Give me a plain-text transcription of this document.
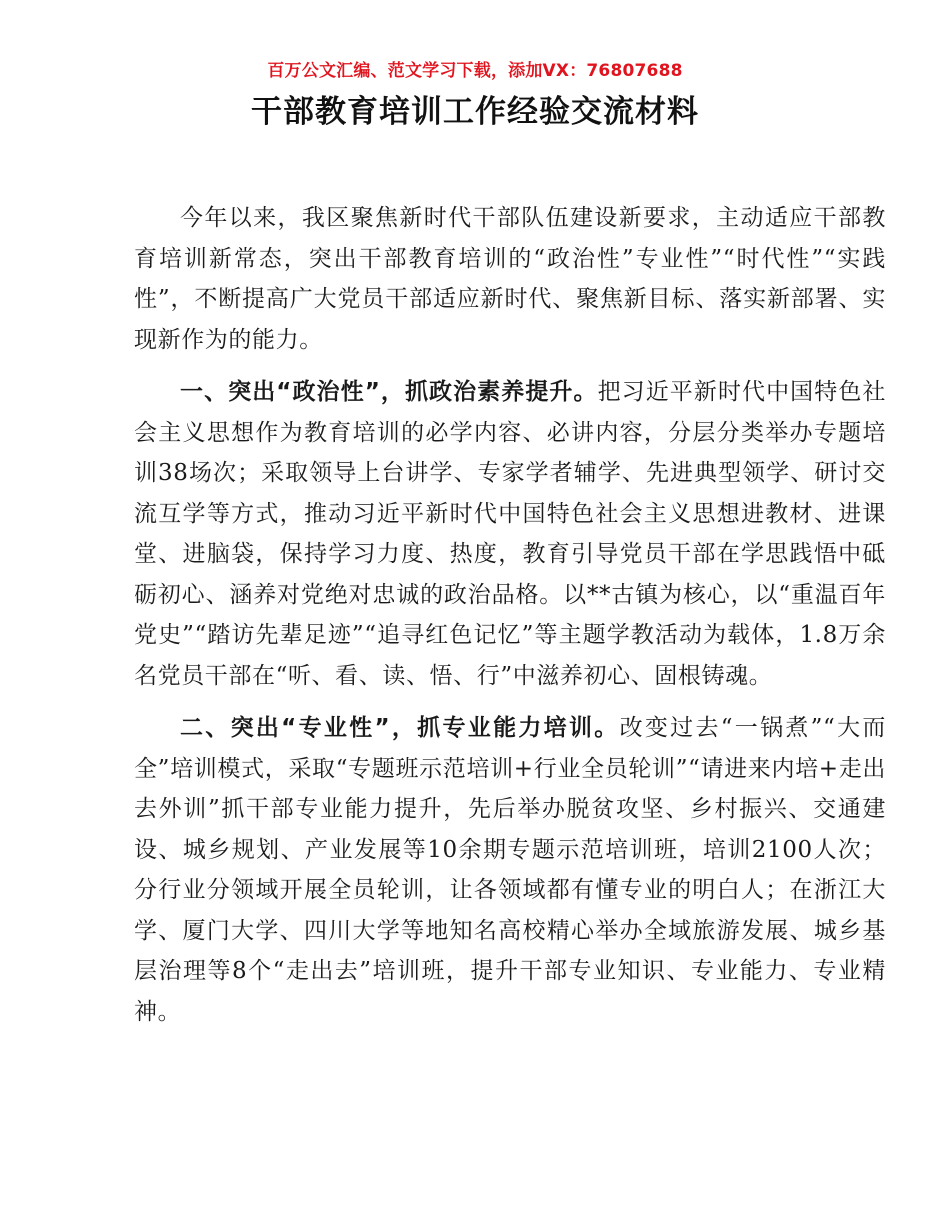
百万公文汇编、范文学习下载，添加VX：76807688
干部教育培训工作经验交流材料

今年以来，我区聚焦新时代干部队伍建设新要求，主动适应干部教育培训新常态，突出干部教育培训的“政治性”专业性”“时代性”“实践性”，不断提高广大党员干部适应新时代、聚焦新目标、落实新部署、实现新作为的能力。

一、突出“政治性”，抓政治素养提升。把习近平新时代中国特色社会主义思想作为教育培训的必学内容、必讲内容，分层分类举办专题培训38场次；采取领导上台讲学、专家学者辅学、先进典型领学、研讨交流互学等方式，推动习近平新时代中国特色社会主义思想进教材、进课堂、进脑袋，保持学习力度、热度，教育引导党员干部在学思践悟中砥砺初心、涵养对党绝对忠诚的政治品格。以**古镇为核心，以“重温百年党史”“踏访先辈足迹”“追寻红色记忆”等主题学教活动为载体，1.8万余名党员干部在“听、看、读、悟、行”中滋养初心、固根铸魂。

二、突出“专业性”，抓专业能力培训。改变过去“一锅煮”“大而全”培训模式，采取“专题班示范培训+行业全员轮训”“请进来内培+走出去外训”抓干部专业能力提升，先后举办脱贫攻坚、乡村振兴、交通建设、城乡规划、产业发展等10余期专题示范培训班，培训2100人次；分行业分领域开展全员轮训，让各领域都有懂专业的明白人；在浙江大学、厦门大学、四川大学等地知名高校精心举办全域旅游发展、城乡基层治理等8个“走出去”培训班，提升干部专业知识、专业能力、专业精神。
